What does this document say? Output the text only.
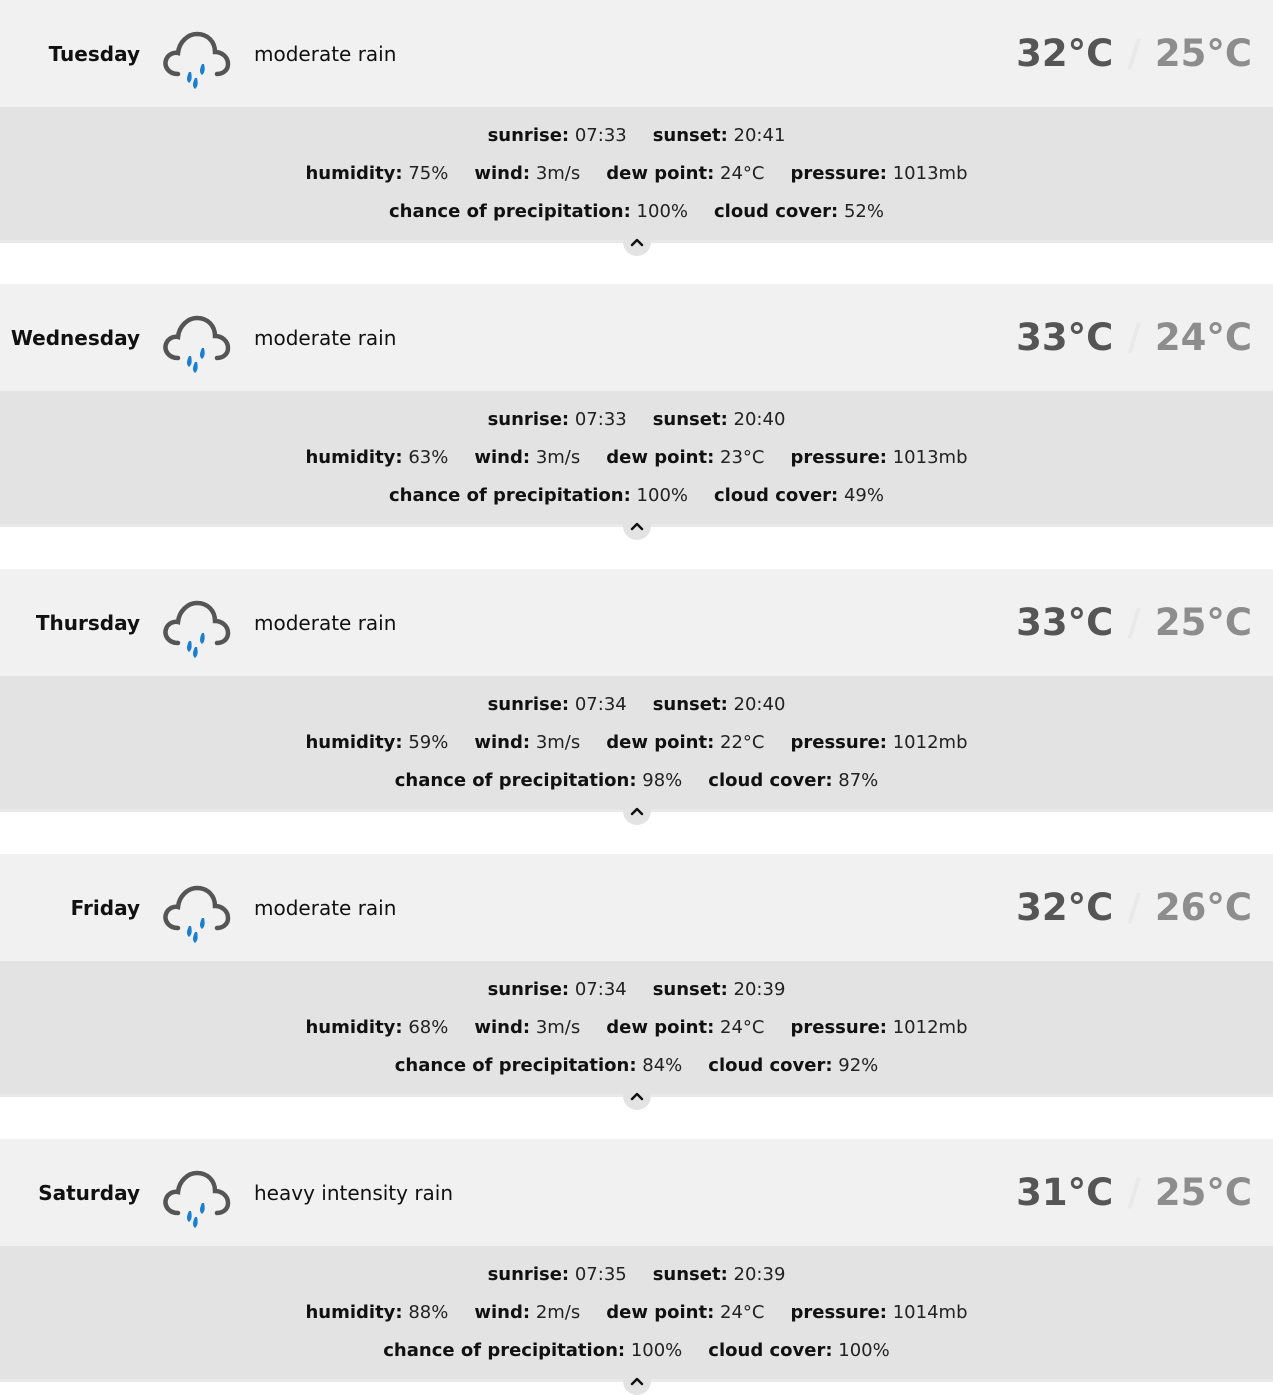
Tuesday	moderate rain	32°C / 25°C
sunrise: 07:33 sunset: 20:41
humidity: 75% wind: 3m/s dew point: 24°C pressure: 1013mb
chance of precipitation: 100% cloud cover: 52%
Wednesday	moderate rain	33°C / 24°C
sunrise: 07:33 sunset: 20:40
humidity: 63% wind: 3m/s dew point: 23°C pressure: 1013mb
chance of precipitation: 100% cloud cover: 49%
Thursday	moderate rain	33°C / 25°C
sunrise: 07:34 sunset: 20:40
humidity: 59% wind: 3m/s dew point: 22°C pressure: 1012mb
chance of precipitation: 98% cloud cover: 87%
Friday	moderate rain	32°C / 26°C
sunrise: 07:34 sunset: 20:39
humidity: 68% wind: 3m/s dew point: 24°C pressure: 1012mb
chance of precipitation: 84% cloud cover: 92%
Saturday	heavy intensity rain	31°C / 25°C
sunrise: 07:35 sunset: 20:39
humidity: 88% wind: 2m/s dew point: 24°C pressure: 1014mb
chance of precipitation: 100% cloud cover: 100%
